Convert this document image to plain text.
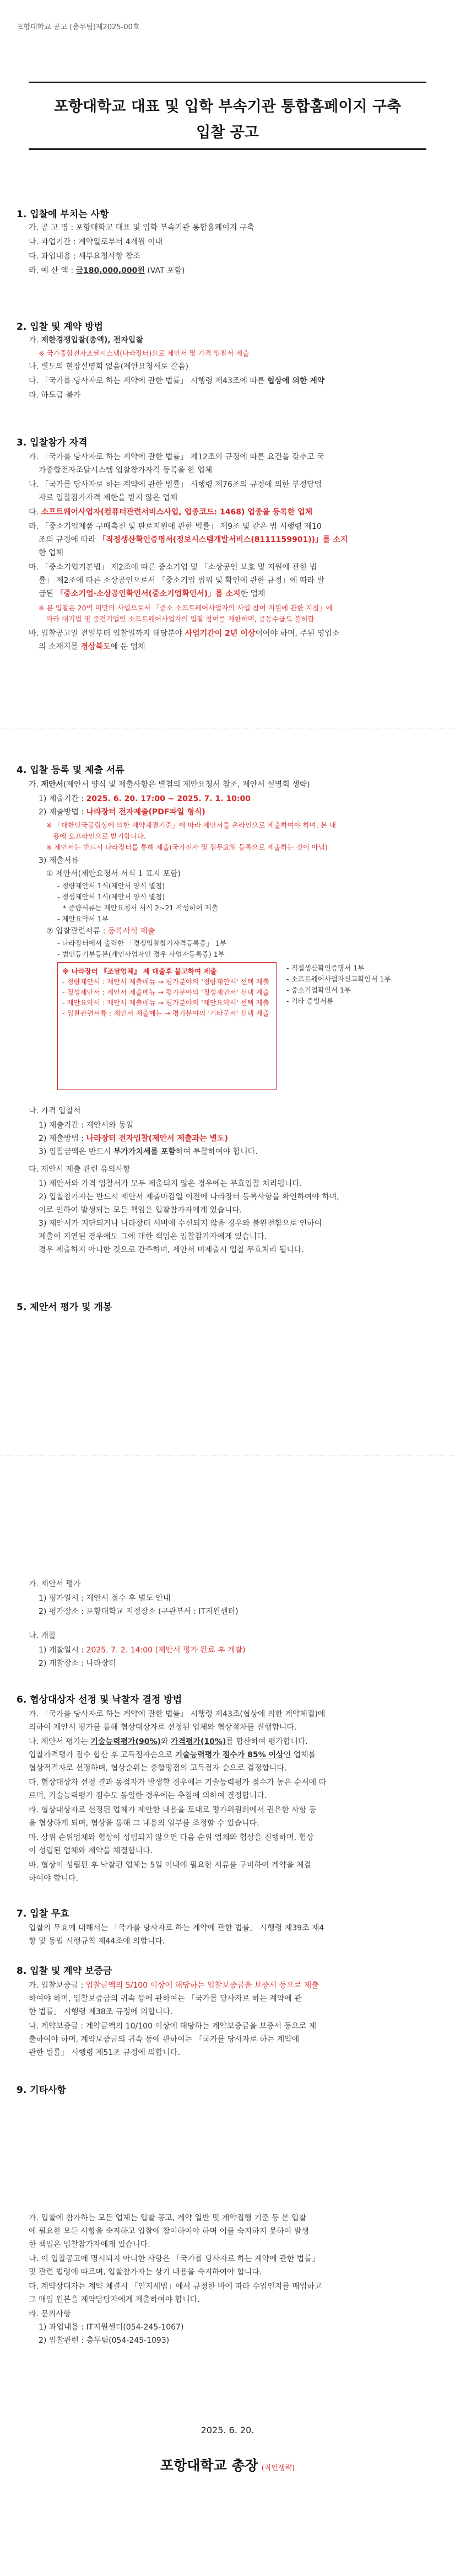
포항대학교 공고 (총무팀)제2025-00호
포항대학교 대표 및 입학 부속기관 통합홈페이지 구축
입찰 공고
1. 입찰에 부치는 사항
가. 공 고 명 : 포항대학교 대표 및 입학 부속기관 통합홈페이지 구축
나. 과업기간 : 계약일로부터 4개월 이내
다. 과업내용 : 세부요청사항 참조
라. 예 산 액 : 금180,000,000원 (VAT 포함)
2. 입찰 및 계약 방법
가. 제한경쟁입찰(총액), 전자입찰
※ 국가종합전자조달시스템(나라장터)으로 제안서 및 가격 입찰서 제출
나. 별도의 현장설명회 없음(제안요청서로 갈음)
다. 「국가를 당사자로 하는 계약에 관한 법률」 시행령 제43조에 따른 협상에 의한 계약
라. 하도급 불가
3. 입찰참가 자격
가. 「국가를 당사자로 하는 계약에 관한 법률」 제12조의 규정에 따른 요건을 갖추고 국
가종합전자조달시스템 입찰참가자격 등록을 한 업체
나. 「국가를 당사자로 하는 계약에 관한 법률」 시행령 제76조의 규정에 의한 부정당업
자로 입찰참가자격 제한을 받지 않은 업체
다. 소프트웨어사업자(컴퓨터관련서비스사업, 업종코드: 1468) 업종을 등록한 업체
라. 「중소기업제품 구매촉진 및 판로지원에 관한 법률」 제9조 및 같은 법 시행령 제10
조의 규정에 따라 「직접생산확인증명서(정보시스템개발서비스(8111159901))」를 소지
한 업체
마. 「중소기업기본법」 제2조에 따른 중소기업 및 「소상공인 보호 및 지원에 관한 법
률」 제2조에 따른 소상공인으로서 「중소기업 범위 및 확인에 관한 규정」에 따라 발
급된 「중소기업·소상공인확인서(중소기업확인서)」를 소지한 업체
※ 본 입찰은 20억 미만의 사업으로서 「중소 소프트웨어사업자의 사업 참여 지원에 관한 지침」에
따라 대기업 및 중견기업인 소프트웨어사업자의 입찰 참여를 제한하며, 공동수급도 불허함
바. 입찰공고일 전일부터 입찰일까지 해당분야 사업기간이 2년 이상이어야 하며, 주된 영업소
의 소재지를 경상북도에 둔 업체
4. 입찰 등록 및 제출 서류
가. 제안서(제안서 양식 및 제출사항은 별첨의 제안요청서 참조, 제안서 설명회 생략)
1) 제출기간 : 2025. 6. 20. 17:00 ~ 2025. 7. 1. 10:00
2) 제출방법 : 나라장터 전자제출(PDF파일 형식)
※ 「대한민국공립상에 의한 계약체결기준」에 따라 제안서를 온라인으로 제출하여야 하며, 본 내
용에 오프라인으로 받기합니다.
※ 제안서는 반드시 나라장터를 통해 제출(국가전자 및 접무요일 등록으로 제출하는 것이 아님)
3) 제출서류
① 제안서(제안요청서 서식 1 표지 포함)
- 정량제안서 1식(제안서 양식 별첨)
- 정성제안서 1식(제안서 양식 별첨)
* 중량서류는 제안요청서 서식 2~21 작성하여 제출
- 제안요약서 1부
② 입찰관련서류 : 등록서식 제출
- 나라장터에서 출력한 「경쟁입찰참가자격등록증」 1부
- 법인등기부등본(개인사업자인 경우 사업자등록증) 1부
※ 나라장터 『조달업체』 제 대출후 불고하여 제출
- 정량제안서 : 제안서 제출메뉴 → 평가분야의 '정량제안서' 선택 제출
- 정성제안서 : 제안서 제출메뉴 → 평가분야의 '정성제안서' 선택 제출
- 제안요약서 : 제안서 제출메뉴 → 평가분야의 '제안요약서' 선택 제출
- 입찰관련서류 : 제안서 제출메뉴 → 평가분야의 '기타문서' 선택 제출
- 직접생산확인증명서 1부
- 소프트웨어사업자신고확인서 1부
- 중소기업확인서 1부
- 기타 증빙서류
나. 가격 입찰서
1) 제출기간 : 제안서와 동일
2) 제출방법 : 나라장터 전자입찰(제안서 제출과는 별도)
3) 입찰금액은 반드시 부가가치세를 포함하여 투찰하여야 합니다.
다. 제안서 제출 관련 유의사항
1) 제안서와 가격 입찰서가 모두 제출되지 않은 경우에는 무효입찰 처리됩니다.
2) 입찰참가자는 반드시 제안서 제출마감일 이전에 나라장터 등록사항을 확인하여야 하며,
이로 인하여 발생되는 모든 책임은 입찰참가자에게 있습니다.
3) 제안서가 지단되거나 나라장터 서버에 수신되지 않을 경우와 불완전함으로 인하여
제출이 지연된 경우에도 그에 대한 책임은 입찰참가자에게 있습니다.
경우 제출하지 아니한 것으로 간주하며, 제안서 미제출시 입찰 무효처리 됩니다.
5. 제안서 평가 및 개봉
가. 제안서 평가
1) 평가일시 : 제안서 접수 후 별도 안내
2) 평가장소 : 포항대학교 지정장소 (구관부서 : IT지원센터)
나. 개찰
1) 개찰일시 : 2025. 7. 2. 14:00 (제안서 평가 완료 후 개찰)
2) 개찰장소 : 나라장터
6. 협상대상자 선정 및 낙찰자 결정 방법
가. 「국가를 당사자로 하는 계약에 관한 법률」 시행령 제43조(협상에 의한 계약체결)에
의하여 제안서 평가를 통해 협상대상자로 선정된 업체와 협상절차를 진행합니다.
나. 제안서 평가는 기술능력평가(90%)와 가격평가(10%)를 합산하여 평가합니다.
입찰가격평가 점수 합산 후 고득점자순으로 기술능력평가 점수가 85% 이상인 업체를
협상적격자로 선정하며, 협상순위는 종합평점의 고득점자 순으로 결정합니다.
다. 협상대상자 선정 결과 동점자가 발생할 경우에는 기술능력평가 점수가 높은 순서에 따
르며, 기술능력평가 점수도 동일한 경우에는 추첨에 의하여 결정합니다.
라. 협상대상자로 선정된 업체가 제안한 내용을 토대로 평가위원회에서 권유한 사항 등
을 협상하게 되며, 협상을 통해 그 내용의 일부를 조정할 수 있습니다.
마. 상위 순위업체와 협상이 성립되지 않으면 다음 순위 업체와 협상을 진행하며, 협상
이 성립된 업체와 계약을 체결합니다.
바. 협상이 성립된 후 낙찰된 업체는 5일 이내에 필요한 서류를 구비하여 계약을 체결
하여야 합니다.
7. 입찰 무효
입찰의 무효에 대해서는 「국가를 당사자로 하는 계약에 관한 법률」 시행령 제39조 제4
항 및 동법 시행규칙 제44조에 의합니다.
8. 입찰 및 계약 보증금
가. 입찰보증금 : 입찰금액의 5/100 이상에 해당하는 입찰보증금을 보증서 등으로 제출
하여야 하며, 입찰보증금의 귀속 등에 관하여는 「국가를 당사자로 하는 계약에 관
한 법률」 시행령 제38조 규정에 의합니다.
나. 계약보증금 : 계약금액의 10/100 이상에 해당하는 계약보증금을 보증서 등으로 제
출하여야 하며, 계약보증금의 귀속 등에 관하여는 「국가를 당사자로 하는 계약에
관한 법률」 시행령 제51조 규정에 의합니다.
9. 기타사항
가. 입찰에 참가하는 모든 업체는 입찰 공고, 계약 일반 및 계약집행 기준 등 본 입찰
에 필요한 모든 사항을 숙지하고 입찰에 참여하여야 하며 이를 숙지하지 못하여 발생
한 책임은 입찰참가자에게 있습니다.
나. 이 입찰공고에 명시되지 아니한 사항은 「국가를 당사자로 하는 계약에 관한 법률」
및 관련 법령에 따르며, 입찰참가자는 상기 내용을 숙지하여야 합니다.
다. 계약상대자는 계약 체결시 「인지세법」에서 규정한 바에 따라 수입인지를 매입하고
그 매입 원본을 계약담당자에게 제출하여야 합니다.
라. 문의사항
1) 과업내용 : IT지원센터(054-245-1067)
2) 입찰관련 : 총무팀(054-245-1093)
2025. 6. 20.
포항대학교 총장 (직인생략)
